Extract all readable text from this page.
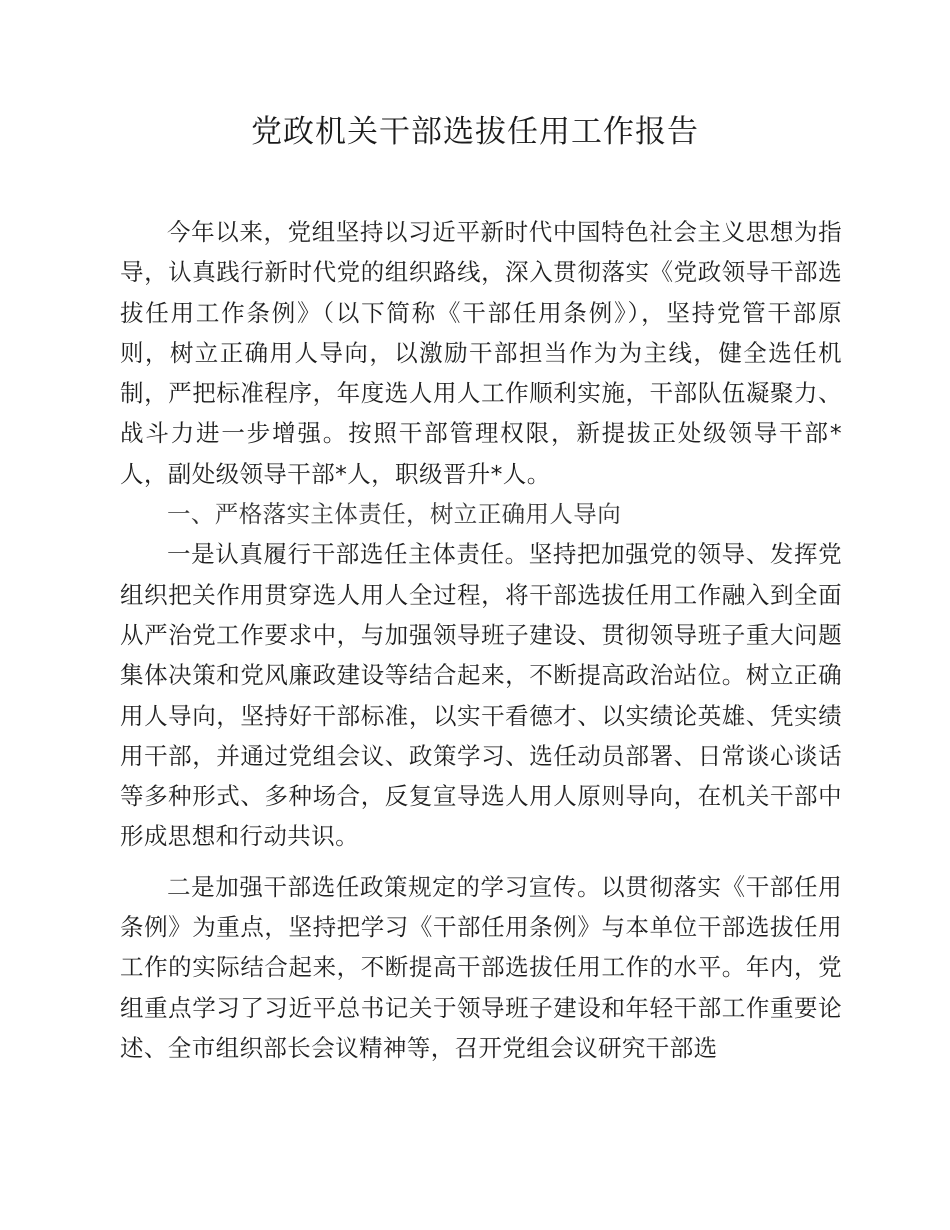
党政机关干部选拔任用工作报告

今年以来，党组坚持以习近平新时代中国特色社会主义思想为指导，认真践行新时代党的组织路线，深入贯彻落实《党政领导干部选拔任用工作条例》（以下简称《干部任用条例》），坚持党管干部原则，树立正确用人导向，以激励干部担当作为为主线，健全选任机制，严把标准程序，年度选人用人工作顺利实施，干部队伍凝聚力、战斗力进一步增强。按照干部管理权限，新提拔正处级领导干部*人，副处级领导干部*人，职级晋升*人。

一、严格落实主体责任，树立正确用人导向

一是认真履行干部选任主体责任。坚持把加强党的领导、发挥党组织把关作用贯穿选人用人全过程，将干部选拔任用工作融入到全面从严治党工作要求中，与加强领导班子建设、贯彻领导班子重大问题集体决策和党风廉政建设等结合起来，不断提高政治站位。树立正确用人导向，坚持好干部标准，以实干看德才、以实绩论英雄、凭实绩用干部，并通过党组会议、政策学习、选任动员部署、日常谈心谈话等多种形式、多种场合，反复宣导选人用人原则导向，在机关干部中形成思想和行动共识。

二是加强干部选任政策规定的学习宣传。以贯彻落实《干部任用条例》为重点，坚持把学习《干部任用条例》与本单位干部选拔任用工作的实际结合起来，不断提高干部选拔任用工作的水平。年内，党组重点学习了习近平总书记关于领导班子建设和年轻干部工作重要论述、全市组织部长会议精神等，召开党组会议研究干部选
